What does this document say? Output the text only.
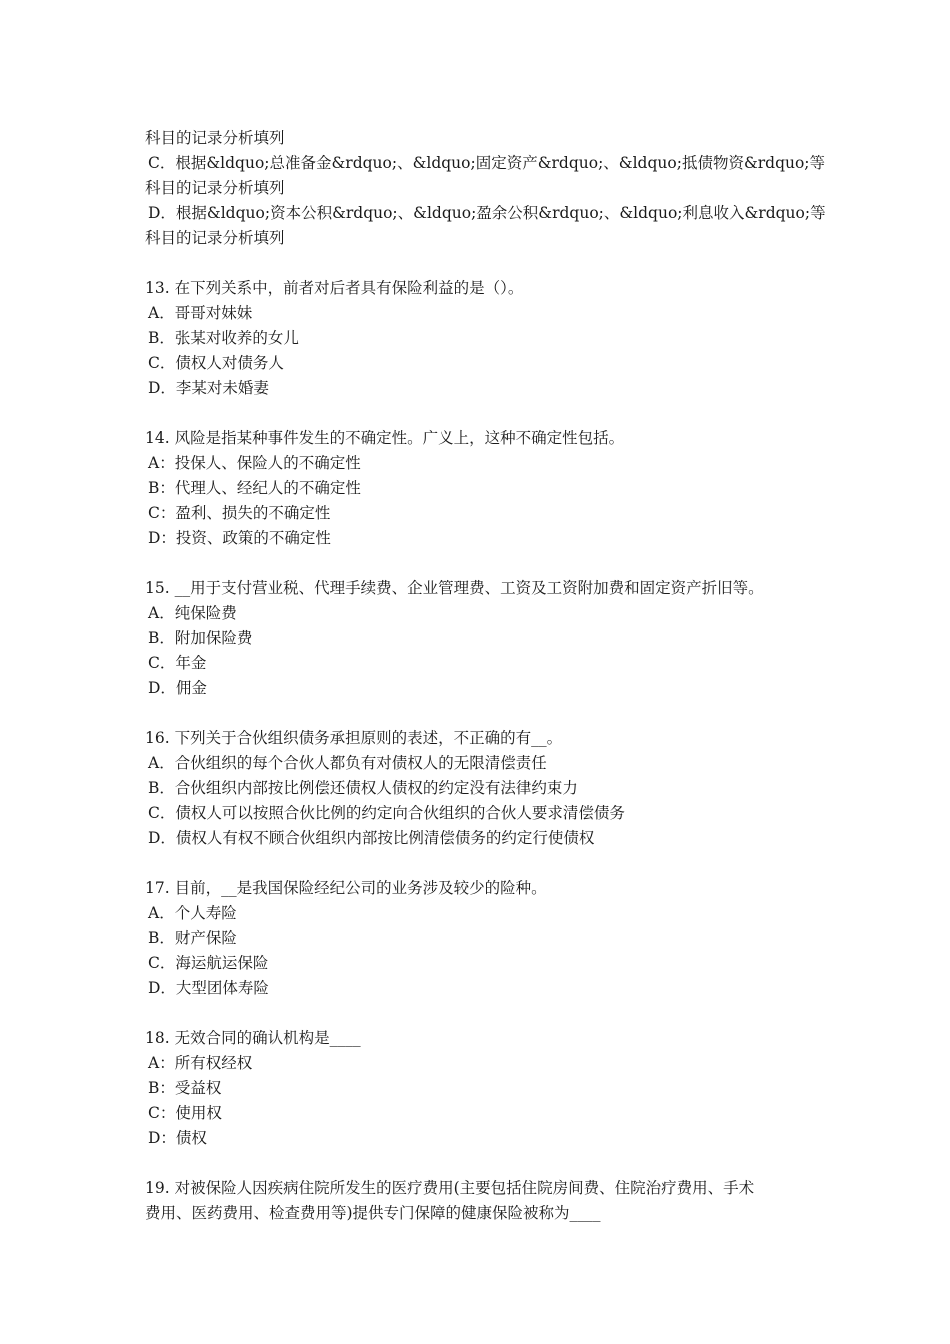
科目的记录分析填列
C．根据&ldquo;总准备金&rdquo;、&ldquo;固定资产&rdquo;、&ldquo;抵债物资&rdquo;等
科目的记录分析填列
D．根据&ldquo;资本公积&rdquo;、&ldquo;盈余公积&rdquo;、&ldquo;利息收入&rdquo;等
科目的记录分析填列
13. 在下列关系中，前者对后者具有保险利益的是（）。
A．哥哥对妹妹
B．张某对收养的女儿
C．债权人对债务人
D．李某对未婚妻
14. 风险是指某种事件发生的不确定性。广义上，这种不确定性包括。
A：投保人、保险人的不确定性
B：代理人、经纪人的不确定性
C：盈利、损失的不确定性
D：投资、政策的不确定性
15. __用于支付营业税、代理手续费、企业管理费、工资及工资附加费和固定资产折旧等。
A．纯保险费
B．附加保险费
C．年金
D．佣金
16. 下列关于合伙组织债务承担原则的表述，不正确的有__。
A．合伙组织的每个合伙人都负有对债权人的无限清偿责任
B．合伙组织内部按比例偿还债权人债权的约定没有法律约束力
C．债权人可以按照合伙比例的约定向合伙组织的合伙人要求清偿债务
D．债权人有权不顾合伙组织内部按比例清偿债务的约定行使债权
17. 目前，__是我国保险经纪公司的业务涉及较少的险种。
A．个人寿险
B．财产保险
C．海运航运保险
D．大型团体寿险
18. 无效合同的确认机构是____
A：所有权经权
B：受益权
C：使用权
D：债权
19. 对被保险人因疾病住院所发生的医疗费用(主要包括住院房间费、住院治疗费用、手术
费用、医药费用、检查费用等)提供专门保障的健康保险被称为____
